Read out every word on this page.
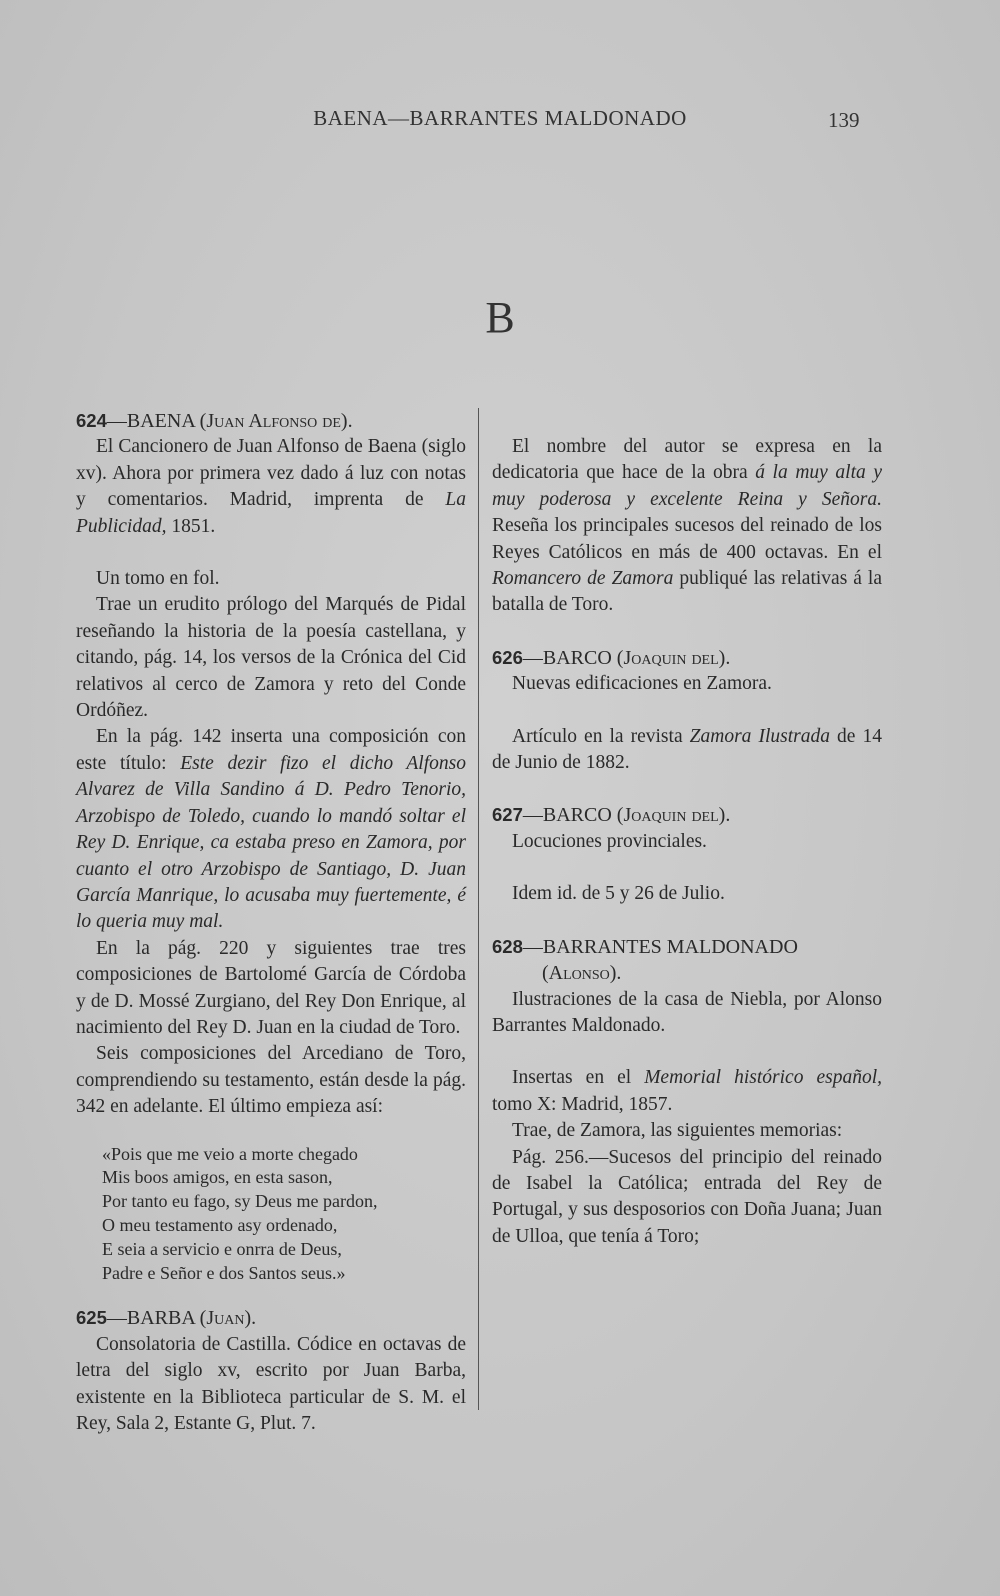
BAENA—BARRANTES MALDONADO	139
B

624—BAENA (Juan Alfonso de).

El Cancionero de Juan Alfonso de Baena (siglo xv). Ahora por primera vez dado á luz con notas y comentarios. Madrid, imprenta de La Publicidad, 1851.

Un tomo en fol.

Trae un erudito prólogo del Marqués de Pidal reseñando la historia de la poesía castellana, y citando, pág. 14, los versos de la Crónica del Cid relativos al cerco de Zamora y reto del Conde Ordóñez.

En la pág. 142 inserta una composición con este título: Este dezir fizo el dicho Alfonso Alvarez de Villa Sandino á D. Pedro Tenorio, Arzobispo de Toledo, cuando lo mandó soltar el Rey D. Enrique, ca estaba preso en Zamora, por cuanto el otro Arzobispo de Santiago, D. Juan García Manrique, lo acusaba muy fuertemente, é lo queria muy mal.

En la pág. 220 y siguientes trae tres composiciones de Bartolomé García de Córdoba y de D. Mossé Zurgiano, del Rey Don Enrique, al nacimiento del Rey D. Juan en la ciudad de Toro.

Seis composiciones del Arcediano de Toro, comprendiendo su testamento, están desde la pág. 342 en adelante. El último empieza así:

«Pois que me veio a morte chegado
Mis boos amigos, en esta sason,
Por tanto eu fago, sy Deus me pardon,
O meu testamento asy ordenado,
E seia a servicio e onrra de Deus,
Padre e Señor e dos Santos seus.»

625—BARBA (Juan).

Consolatoria de Castilla. Códice en octavas de letra del siglo xv, escrito por Juan Barba, existente en la Biblioteca particular de S. M. el Rey, Sala 2, Estante G, Plut. 7.

El nombre del autor se expresa en la dedicatoria que hace de la obra á la muy alta y muy poderosa y excelente Reina y Señora. Reseña los principales sucesos del reinado de los Reyes Católicos en más de 400 octavas. En el Romancero de Zamora publiqué las relativas á la batalla de Toro.

626—BARCO (Joaquin del).

Nuevas edificaciones en Zamora.

Artículo en la revista Zamora Ilustrada de 14 de Junio de 1882.

627—BARCO (Joaquin del).

Locuciones provinciales.

Idem id. de 5 y 26 de Julio.

628—BARRANTES MALDONADO

(Alonso).

Ilustraciones de la casa de Niebla, por Alonso Barrantes Maldonado.

Insertas en el Memorial histórico español, tomo X: Madrid, 1857.

Trae, de Zamora, las siguientes memorias:

Pág. 256.—Sucesos del principio del reinado de Isabel la Católica; entrada del Rey de Portugal, y sus desposorios con Doña Juana; Juan de Ulloa, que tenía á Toro;
